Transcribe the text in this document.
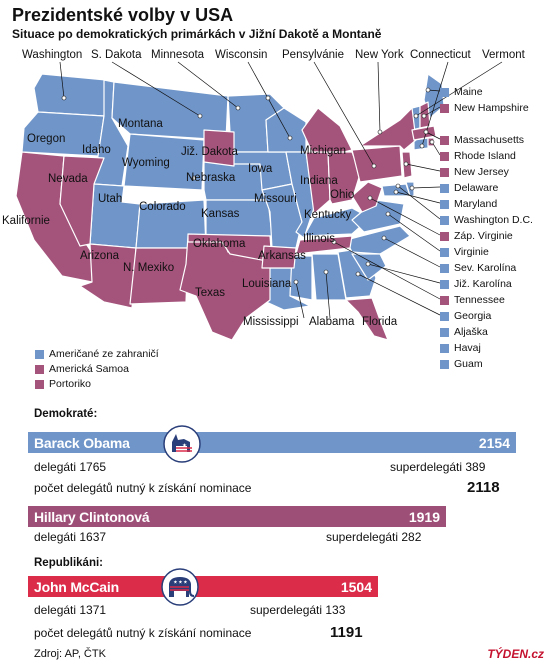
Prezidentské volby v USA
Situace po demokratických primárkách v Jižní Dakotě a Montaně
Washington S. Dakota Minnesota Wisconsin Pensylvánie New York Connecticut Vermont
Oregon
Montana
Idaho	Již. Dakota	Michigan
Nevada
Wyoming	Iowa
Nebraska
Utah
Indiana
Ohio
Colorado
Kansas
Missouri
Kalifornie	Kentucky
Illinois
Oklahoma
Arizona	Arkansas
N. Mexiko
Texas
Louisiana
Mississippi Alabama Florida
Maine
New Hampshire
Massachusetts
Rhode Island
New Jersey
Delaware
Maryland
Washington D.C.
Záp. Virginie
Virginie
Sev. Karolína
Již. Karolína
Tennessee
Georgia
Aljaška
Havaj
Guam
Američané ze zahraničí
Americká Samoa
Portoriko
Demokraté:
Barack Obama	2154
delegáti 1765	superdelegáti 389
počet delegátů nutný k získání nominace	2118
Hillary Clintonová	1919
delegáti 1637	superdelegáti 282
Republikáni:
John McCain	1504
delegáti 1371	superdelegáti 133
počet delegátů nutný k získání nominace	1191
Zdroj: AP, ČTK	TÝDEN.cz
